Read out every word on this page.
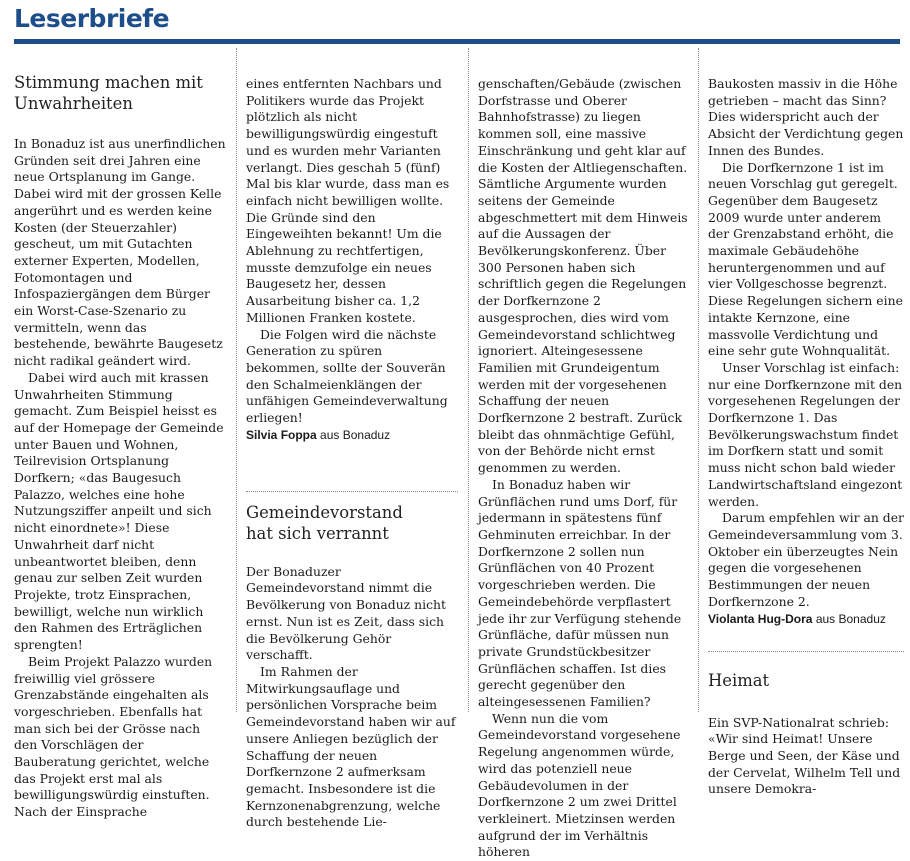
Leserbriefe
Stimmung machen mit
Unwahrheiten

In Bonaduz ist aus unerfindlichen Gründen seit drei Jahren eine neue Ortsplanung im Gange. Dabei wird mit der grossen Kelle angerührt und es werden keine Kosten (der Steuerzahler) gescheut, um mit Gutachten externer Experten, Modellen, Fotomontagen und Infospaziergängen dem Bürger ein Worst-Case-Szenario zu vermitteln, wenn das bestehende, bewährte Baugesetz nicht radikal geändert wird.

Dabei wird auch mit krassen Unwahrheiten Stimmung gemacht. Zum Beispiel heisst es auf der Homepage der Gemeinde unter Bauen und Wohnen, Teilrevision Ortsplanung Dorfkern; «das Baugesuch Palazzo, welches eine hohe Nutzungsziffer anpeilt und sich nicht einordnete»! Diese Unwahrheit darf nicht unbeantwortet bleiben, denn genau zur selben Zeit wurden Projekte, trotz Einsprachen, bewilligt, welche nun wirklich den Rahmen des Erträglichen sprengten!

Beim Projekt Palazzo wurden freiwillig viel grössere Grenzabstände eingehalten als vorgeschrieben. Ebenfalls hat man sich bei der Grösse nach den Vorschlägen der Bauberatung gerichtet, welche das Projekt erst mal als bewilligungswürdig einstuften. Nach der Einsprache

eines entfernten Nachbars und Politikers wurde das Projekt plötzlich als nicht bewilligungswürdig eingestuft und es wurden mehr Varianten verlangt. Dies geschah 5 (fünf) Mal bis klar wurde, dass man es einfach nicht bewilligen wollte. Die Gründe sind den Eingeweihten bekannt! Um die Ablehnung zu rechtfertigen, musste demzufolge ein neues Baugesetz her, dessen Ausarbeitung bisher ca. 1,2 Millionen Franken kostete.

Die Folgen wird die nächste Generation zu spüren bekommen, sollte der Souverän den Schalmeienklängen der unfähigen Gemeindeverwaltung erliegen!

Silvia Foppa aus Bonaduz
Gemeindevorstand
hat sich verrannt

Der Bonaduzer Gemeindevorstand nimmt die Bevölkerung von Bonaduz nicht ernst. Nun ist es Zeit, dass sich die Bevölkerung Gehör verschafft.

Im Rahmen der Mitwirkungsauflage und persönlichen Vorsprache beim Gemeindevorstand haben wir auf unsere Anliegen bezüglich der Schaffung der neuen Dorfkernzone 2 aufmerksam gemacht. Insbesondere ist die Kernzonenabgrenzung, welche durch bestehende Lie-

genschaften/Gebäude (zwischen Dorfstrasse und Oberer Bahnhofstrasse) zu liegen kommen soll, eine massive Einschränkung und geht klar auf die Kosten der Altliegenschaften. Sämtliche Argumente wurden seitens der Gemeinde abgeschmettert mit dem Hinweis auf die Aussagen der Bevölkerungskonferenz. Über 300 Personen haben sich schriftlich gegen die Regelungen der Dorfkernzone 2 ausgesprochen, dies wird vom Gemeindevorstand schlichtweg ignoriert. Alteingesessene Familien mit Grundeigentum werden mit der vorgesehenen Schaffung der neuen Dorfkernzone 2 bestraft. Zurück bleibt das ohnmächtige Gefühl, von der Behörde nicht ernst genommen zu werden.

In Bonaduz haben wir Grünflächen rund ums Dorf, für jedermann in spätestens fünf Gehminuten erreichbar. In der Dorfkernzone 2 sollen nun Grünflächen von 40 Prozent vorgeschrieben werden. Die Gemeindebehörde verpflastert jede ihr zur Verfügung stehende Grünfläche, dafür müssen nun private Grundstückbesitzer Grünflächen schaffen. Ist dies gerecht gegenüber den alteingesessenen Familien?

Wenn nun die vom Gemeindevorstand vorgesehene Regelung angenommen würde, wird das potenziell neue Gebäudevolumen in der Dorfkernzone 2 um zwei Drittel verkleinert. Mietzinsen werden aufgrund der im Verhältnis höheren

Baukosten massiv in die Höhe getrieben – macht das Sinn? Dies widerspricht auch der Absicht der Verdichtung gegen Innen des Bundes.

Die Dorfkernzone 1 ist im neuen Vorschlag gut geregelt. Gegenüber dem Baugesetz 2009 wurde unter anderem der Grenzabstand erhöht, die maximale Gebäudehöhe heruntergenommen und auf vier Vollgeschosse begrenzt. Diese Regelungen sichern eine intakte Kernzone, eine massvolle Verdichtung und eine sehr gute Wohnqualität.

Unser Vorschlag ist einfach: nur eine Dorfkernzone mit den vorgesehenen Regelungen der Dorfkernzone 1. Das Bevölkerungswachstum findet im Dorfkern statt und somit muss nicht schon bald wieder Landwirtschaftsland eingezont werden.

Darum empfehlen wir an der Gemeindeversammlung vom 3. Oktober ein überzeugtes Nein gegen die vorgesehenen Bestimmungen der neuen Dorfkernzone 2.

Violanta Hug-Dora aus Bonaduz
Heimat

Ein SVP-Nationalrat schrieb: «Wir sind Heimat! Unsere Berge und Seen, der Käse und der Cervelat, Wilhelm Tell und unsere Demokra-
